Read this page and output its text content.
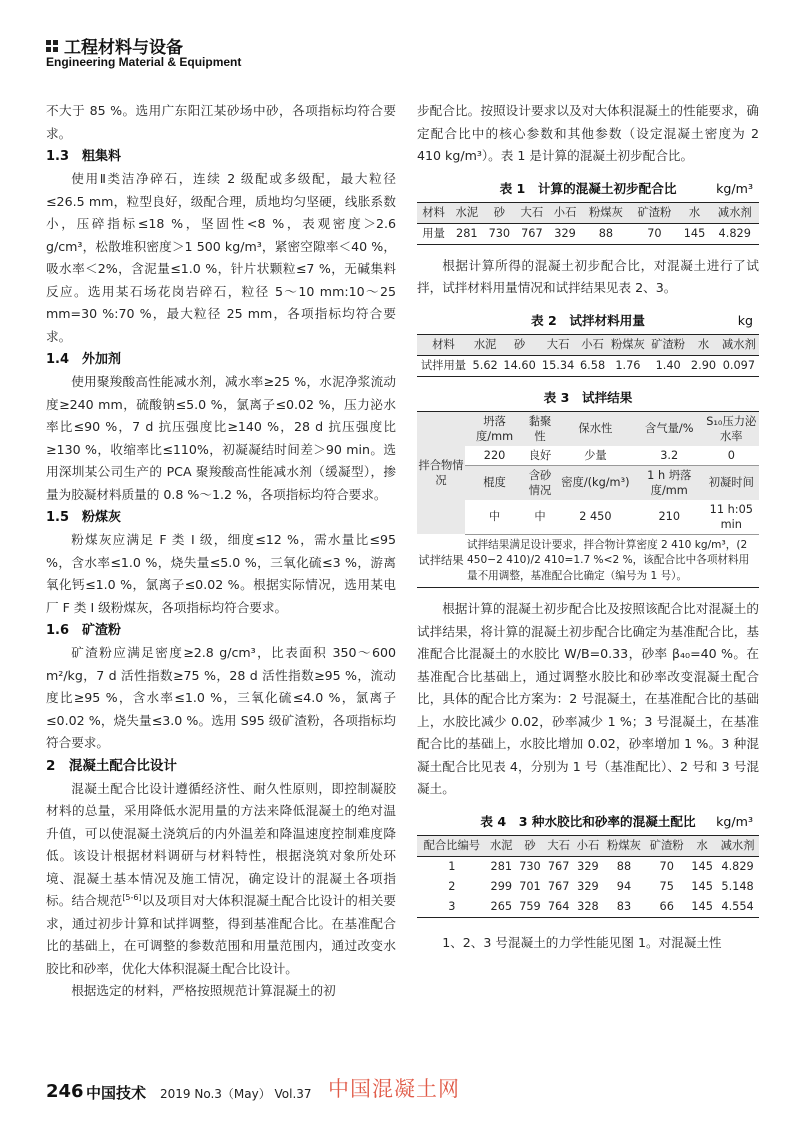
工程材料与设备
Engineering Material & Equipment

不大于 85 %。选用广东阳江某砂场中砂，各项指标均符合要求。

1.3　粗集料

使用Ⅱ类洁净碎石，连续 2 级配或多级配，最大粒径≤26.5 mm，粒型良好，级配合理，质地均匀坚硬，线胀系数小，压碎指标≤18 %，坚固性<8 %，表观密度＞2.6 g/cm³，松散堆积密度＞1 500 kg/m³，紧密空隙率＜40 %，吸水率＜2%，含泥量≤1.0 %，针片状颗粒≤7 %，无碱集料反应。选用某石场花岗岩碎石，粒径 5～10 mm:10～25 mm=30 %:70 %，最大粒径 25 mm，各项指标均符合要求。

1.4　外加剂

使用聚羧酸高性能减水剂，减水率≥25 %，水泥净浆流动度≥240 mm，硫酸钠≤5.0 %，氯离子≤0.02 %，压力泌水率比≤90 %，7 d 抗压强度比≥140 %，28 d 抗压强度比≥130 %，收缩率比≤110%，初凝凝结时间差＞90 min。选用深圳某公司生产的 PCA 聚羧酸高性能减水剂（缓凝型），掺量为胶凝材料质量的 0.8 %～1.2 %，各项指标均符合要求。

1.5　粉煤灰

粉煤灰应满足 F 类 I 级，细度≤12 %，需水量比≤95 %，含水率≤1.0 %，烧失量≤5.0 %，三氧化硫≤3 %，游离氧化钙≤1.0 %，氯离子≤0.02 %。根据实际情况，选用某电厂 F 类 I 级粉煤灰，各项指标均符合要求。

1.6　矿渣粉

矿渣粉应满足密度≥2.8 g/cm³，比表面积 350～600 m²/kg，7 d 活性指数≥75 %，28 d 活性指数≥95 %，流动度比≥95 %，含水率≤1.0 %，三氧化硫≤4.0 %，氯离子≤0.02 %，烧失量≤3.0 %。选用 S95 级矿渣粉，各项指标均符合要求。

2　混凝土配合比设计

混凝土配合比设计遵循经济性、耐久性原则，即控制凝胶材料的总量，采用降低水泥用量的方法来降低混凝土的绝对温升值，可以使混凝土浇筑后的内外温差和降温速度控制难度降低。该设计根据材料调研与材料特性，根据浇筑对象所处环境、混凝土基本情况及施工情况，确定设计的混凝土各项指标。结合规范[5-6]以及项目对大体积混凝土配合比设计的相关要求，通过初步计算和试拌调整，得到基准配合比。在基准配合比的基础上，在可调整的参数范围和用量范围内，通过改变水胶比和砂率，优化大体积混凝土配合比设计。

根据选定的材料，严格按照规范计算混凝土的初

步配合比。按照设计要求以及对大体积混凝土的性能要求，确定配合比中的核心参数和其他参数（设定混凝土密度为 2 410 kg/m³）。表 1 是计算的混凝土初步配合比。

表 1　计算的混凝土初步配合比	kg/m³
材料	水泥	砂	大石	小石	粉煤灰	矿渣粉	水	减水剂
用量	281	730	767	329	88	70	145	4.829

根据计算所得的混凝土初步配合比，对混凝土进行了试拌，试拌材料用量情况和试拌结果见表 2、3。

表 2　试拌材料用量	kg
材料	水泥	砂	大石	小石	粉煤灰	矿渣粉	水	减水剂
试拌用量	5.62	14.60	15.34	6.58	1.76	1.40	2.90	0.097
表 3　试拌结果
拌合物情况	坍落度/mm	黏聚性	保水性	含气量/%	S₁₀压力泌水率
	220	良好	少量	3.2	0
	棍度	含砂情况	密度/(kg/m³)	1 h 坍落度/mm	初凝时间
	中	中	2 450	210	11 h:05 min
试拌结果	试拌结果满足设计要求，拌合物计算密度 2 410 kg/m³，(2 450−2 410)/2 410=1.7 %<2 %，该配合比中各项材料用量不用调整，基准配合比确定（编号为 1 号）。				

根据计算的混凝土初步配合比及按照该配合比对混凝土的试拌结果，将计算的混凝土初步配合比确定为基准配合比，基准配合比混凝土的水胶比 W/B=0.33，砂率 β₄₀=40 %。在基准配合比基础上，通过调整水胶比和砂率改变混凝土配合比，具体的配合比方案为：2 号混凝土，在基准配合比的基础上，水胶比减少 0.02，砂率减少 1 %；3 号混凝土，在基准配合比的基础上，水胶比增加 0.02，砂率增加 1 %。3 种混凝土配合比见表 4，分别为 1 号（基准配比）、2 号和 3 号混凝土。

表 4　3 种水胶比和砂率的混凝土配比 kg/m³
配合比编号	水泥	砂	大石	小石	粉煤灰	矿渣粉	水	减水剂
1	281	730	767	329	88	70	145	4.829
2	299	701	767	329	94	75	145	5.148
3	265	759	764	328	83	66	145	4.554

1、2、3 号混凝土的力学性能见图 1。对混凝土性

246 中国技术 2019 No.3（May） Vol.37 中国混凝土网
